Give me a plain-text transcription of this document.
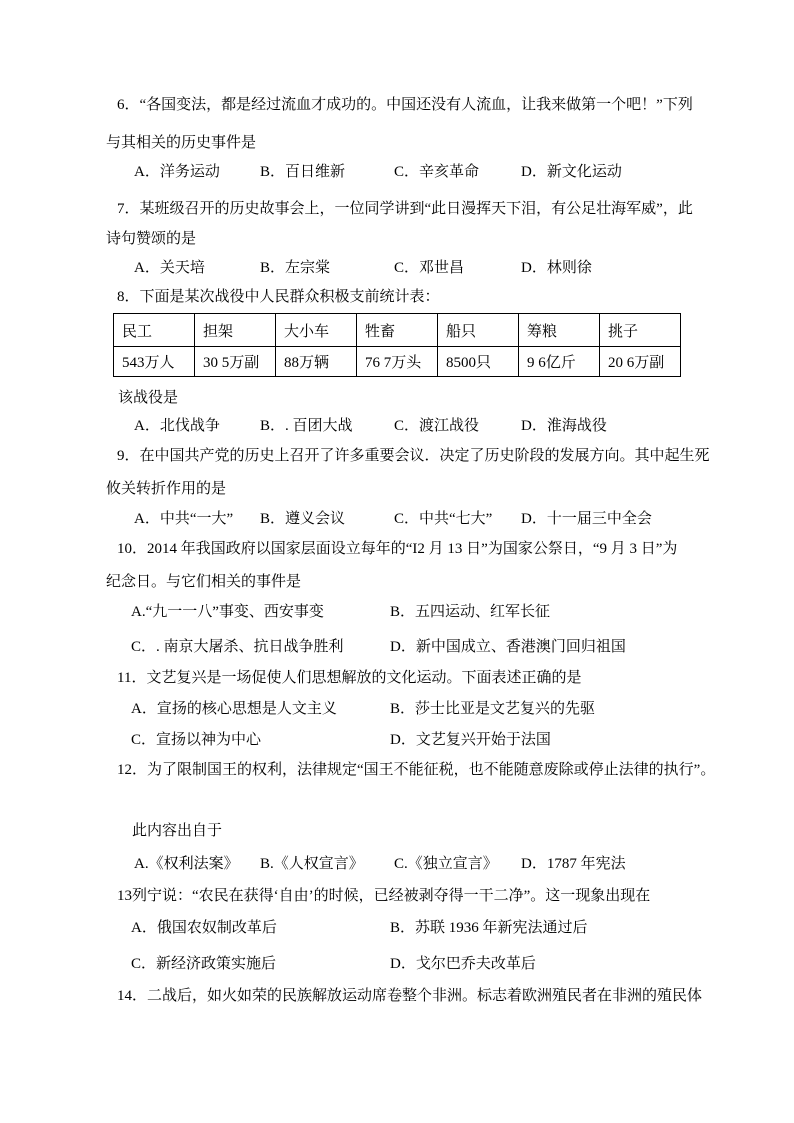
6．“各国变法，都是经过流血才成功的。中国还没有人流血，让我来做第一个吧！”下列
与其相关的历史事件是
A．洋务运动	B．百日维新	C．辛亥革命	D．新文化运动
7．某班级召开的历史故事会上，一位同学讲到“此日漫挥天下泪，有公足壮海军威”，此
诗句赞颂的是
A．关天培	B．左宗棠	C．邓世昌	D．林则徐
8．下面是某次战役中人民群众积极支前统计表：
民工	担架	大小车	牲畜	船只	筹粮	挑子
543万人	30 5万副	88万辆	76 7万头	8500只	9 6亿斤	20 6万副
该战役是
A．北伐战争	B．. 百团大战	C．渡江战役	D．淮海战役
9．在中国共产党的历史上召开了许多重要会议．决定了历史阶段的发展方向。其中起生死
攸关转折作用的是
A．中共“一大” B．遵义会议	C．中共“七大” D．十一届三中全会
10．2014 年我国政府以国家层面设立每年的“I2 月 13 日”为国家公祭日，“9 月 3 日”为
纪念日。与它们相关的事件是
A.“九一一八”事变、西安事变	B．五四运动、红军长征
C．. 南京大屠杀、抗日战争胜利	D．新中国成立、香港澳门回归祖国
11．文艺复兴是一场促使人们思想解放的文化运动。下面表述正确的是
A．宣扬的核心思想是人文主义	B．莎士比亚是文艺复兴的先驱
C．宣扬以神为中心	D．文艺复兴开始于法国
12．为了限制国王的权利，法律规定“国王不能征税，也不能随意废除或停止法律的执行”。
此内容出自于
A.《权利法案》 B.《人权宣言》 C.《独立宣言》 D．1787 年宪法
13列宁说：“农民在获得‘自由’的时候，已经被剥夺得一干二净”。这一现象出现在
A．俄国农奴制改革后	B．苏联 1936 年新宪法通过后
C．新经济政策实施后	D．戈尔巴乔夫改革后
14．二战后，如火如荣的民族解放运动席卷整个非洲。标志着欧洲殖民者在非洲的殖民体
